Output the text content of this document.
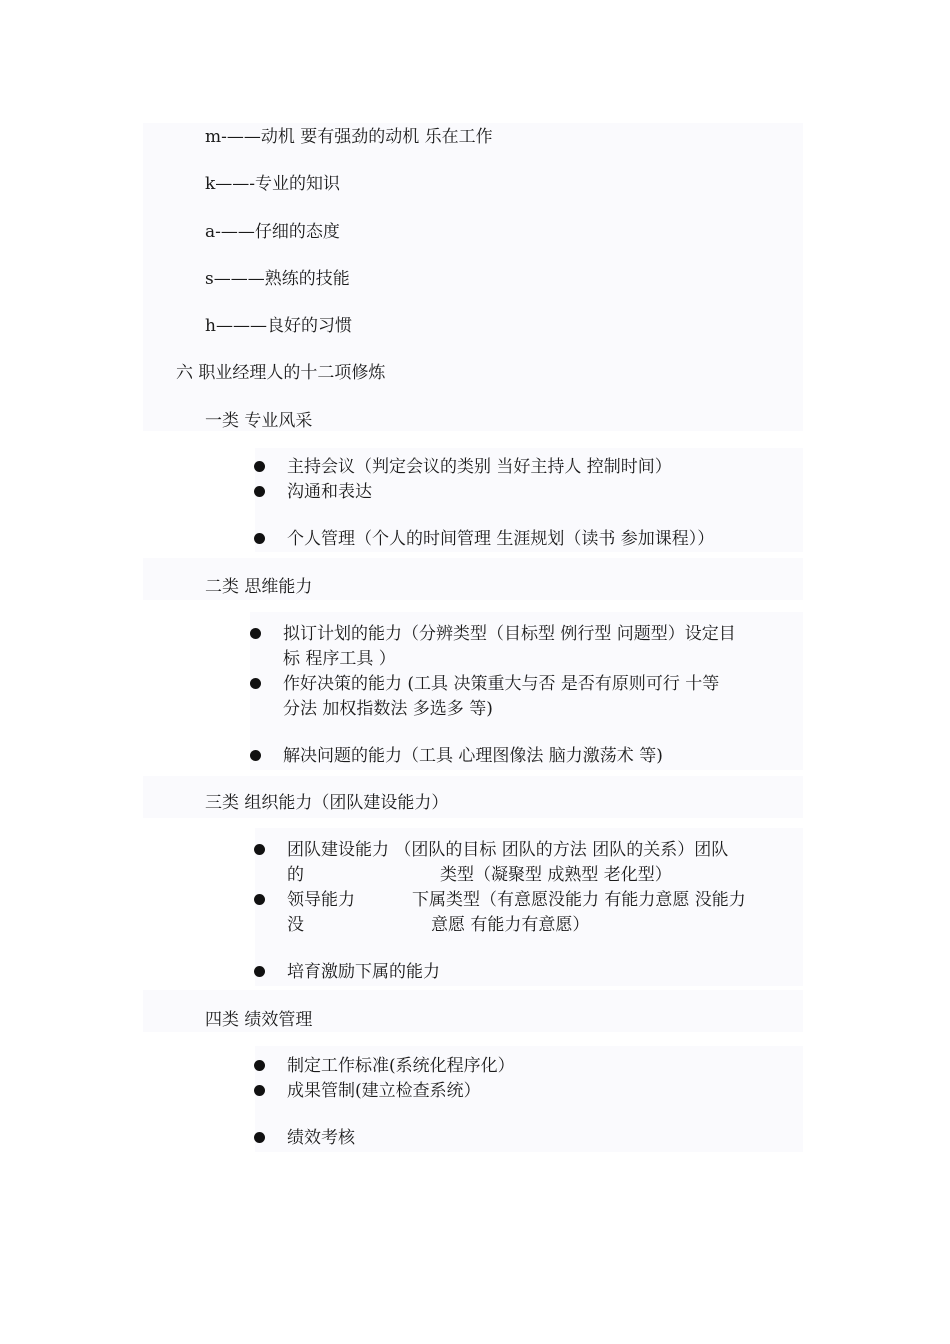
m-——动机 要有强劲的动机 乐在工作
k——-专业的知识
a-——仔细的态度
s———熟练的技能
h———良好的习惯
六 职业经理人的十二项修炼
一类 专业风采
主持会议（判定会议的类别 当好主持人 控制时间）
沟通和表达
个人管理（个人的时间管理 生涯规划（读书 参加课程））
二类 思维能力
拟订计划的能力（分辨类型（目标型 例行型 问题型）设定目
标 程序工具 ）
作好决策的能力 (工具 决策重大与否 是否有原则可行 十等
分法 加权指数法 多选多 等)
解决问题的能力（工具 心理图像法 脑力激荡术 等)
三类 组织能力（团队建设能力）
团队建设能力 （团队的目标 团队的方法 团队的关系）团队
的	类型（凝聚型 成熟型 老化型）
领导能力	下属类型（有意愿没能力 有能力意愿 没能力
没	意愿 有能力有意愿）
培育激励下属的能力
四类 绩效管理
制定工作标准(系统化程序化）
成果管制(建立检查系统）
绩效考核
